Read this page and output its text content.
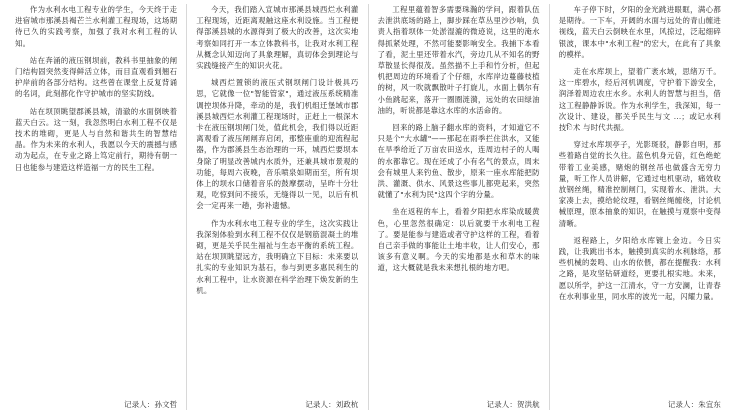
作为水利水电工程专业的学生，今天终于走进宿城市那溪县褐芒兰水利灌工程现场，这场期待已久的实践考察，加强了我对水利工程的认知。

站在奔涌的液压钢坝前，教科书里抽象的闸门结构固突然变得鲜活立体，而目直观看到翘石护岸前的各部分结构。这些曾在课堂上反复背诵的名词，此刻都化作守护城市的坚实防线。

站在坝顶眺望郡溪县城，清澈的水面倒映着蓝天白云。这一刻，我忽然明白水利工程不仅是技术的堆砌，更是人与自然和谐共生的智慧结晶。作为未来的水利人，我愿以今天的震撼与感动为起点，在专业之路上笃定前行，期待有朝一日也能参与建造这样造福一方的民生工程。

记录人：孙文哲

今天，我们踏入宣城市那溪县城西烂水利灌工程现场，近距离观触这座水利设施。当工程便得部溪县城的水源得到了极大的改善，这次实地考察如同打开一本立体教科书，让我对水利工程从概念认知迈向了具象理解，真切体会到理论与实践缝接产生的知识火花。

城西烂置锁的液压式钢坝闸门设计极具巧思，它就像一位"智能管家"，通过液压系统精准调控坝体升降，牵动的是，我们机组迁堡域市郡溪县城西烂水利灌工程现场时，正赶上一根深木卡在液压钢坝闸门处，值此机会，我们得以近距离观看了液压闸闸弃启闭，那整座重的迎流程起器，作为郡溪县生态治理的一环，城西烂要坝本身除了明显改善城内水质外，还兼具城市景观的功能，每周六夜晚，音乐喷泉如期而至，所有坝体上的坝水口储着音乐的鼓摩摆动，呈昨十分壮观，吃惊到问不接乐，无缝得以一见，以后有机会一定再来一趟，弥补遗憾。

作为水利水电工程专业的学生，这次实践让我深刻体验到水利工程不仅仅是钢筋混凝土的堆砌，更是关乎民生福祉与生态平衡的系统工程。站在坝顶眺望远方，我明确立下目标：未来要以扎实的专业知识为基石，参与到更多惠民利生的水利工程中，让水资源在科学治理下焕发新的生机。

记录人：刘政杭

工程里蕴着智多需要珠瀚的学问，跟着队伍去泄洪底场的路上，脚步踩在草丛里沙沙响，负责人指着坝体一处淤湿漉的微迹说，这里的淹水得抓紧处理，不然可能要影响安全。我捕下本看了看，泥土里还带着水汽，旁边几从不知名的野草散显长得很茂。虽然描不上手和竹分析，但起机把周边的环境看了个仔细，水库岸边蔓藤枝植的树，风一吹就飘散叶子打旋儿，水面上偶尔有小鱼跳起来，落开一圈圈涟漪，远处的农田绿油油的，听说都是靠这水库的水活命的。

回来的路上脑子翻水库的资料，才知道它不只是个"大水罐"——那起在雨季拦住洪水，又能在旱季给近了万亩农田送水，连周边村子的人喝的水都靠它。现在还成了小有名气的景点，周末会有城里人来钓鱼、散步，原来一座水库能把防洪、灌溉、供水、风景这些事儿都兜起来，突然就懂了"水利为民"这四个字的分量。

坐在返程的车上，看着夕阳把水库染成暖黄色，心里忽然很确定：以后就要干水利电工程了。要是能参与建造或者守护这样的工程，看着自己亲手做的事能让土地丰收，让人们安心，那该多有意义啊。今天的实地都是水和草木的味道，这大概就是我未来想扎根的地方吧。

记录人：贺洪航

车子停下时，夕阳的金光跳进眼眶，满心都是期待。一下车，开阔的水面与远处的青山缠进视线，蓝天白云倒映在水里，风掠过，泛起细碎银波，课本中"水利工程"的宏大，在此有了具象的模样。

走在水库坝上，望着广袤水域，思绪万千。这一库碧水，经后河机调度，守护着下游安全，润泽着周边农庄水乡。水利人的智慧与担当，借这工程静静诉说。作为水利学生，我深知，每一次设计、建设，都关乎民生与文 ...；或记水利技ि术 与时代共振。

穿过水库坝亭子，光影斑驳，静影自明，那些着路自觉的长久往。蓝色机身元倍，红色绝蛇带着工业美感，赌炮的钢丝吊也做盛含无穷力量，听工作人员讲解，它通过电机驱动，痛效收放钢丝绳，精准控制闸门，实现着水、泄洪。大家凑上去，摸给轮纹理，看钢丝绳缠绕，讨论机械原理，原本抽象的知识，在触摸与观察中变得清晰。

返程路上，夕阳给水库镀上金边。今日实践，让我跳出书本，触摸到真实的水利脉络，那些机械的轰鸣、山水的依偎，都在提醒我：水利之路，是攻坚钻研道经，更要扎根实地。未来，愿以所学，护这一江清水，守一方安澜，让青春在水利事业里，同水库的波光一起，闪耀力量。

记录人：朱宜东
